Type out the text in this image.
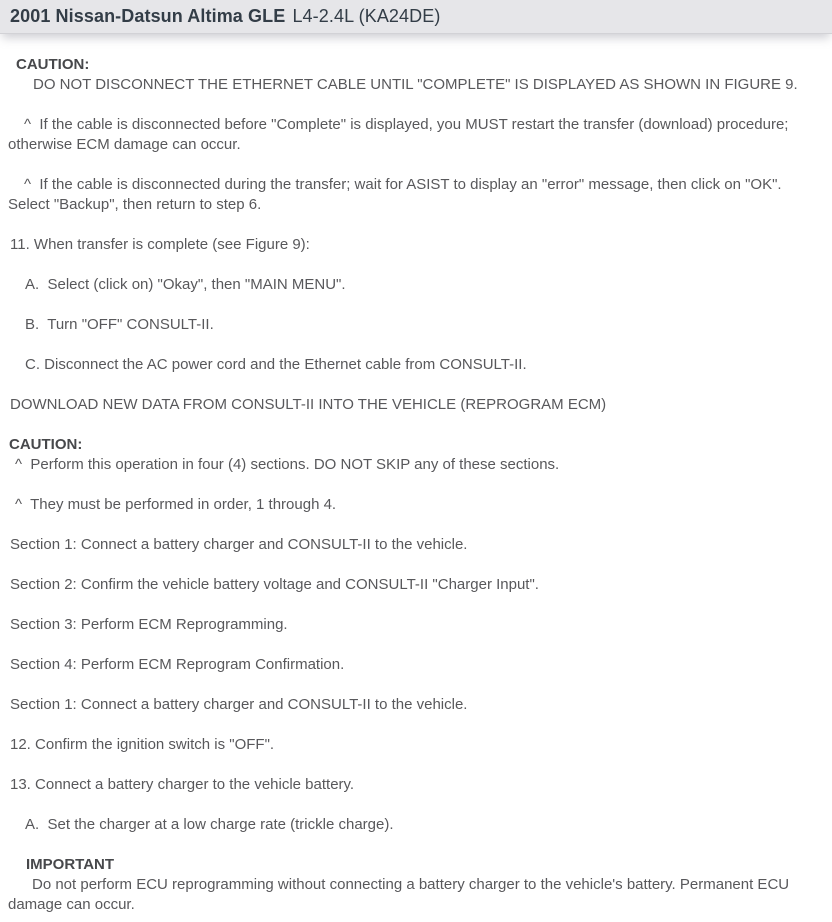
2001 Nissan-Datsun Altima GLE L4-2.4L (KA24DE)

CAUTION:

DO NOT DISCONNECT THE ETHERNET CABLE UNTIL "COMPLETE" IS DISPLAYED AS SHOWN IN FIGURE 9.

^  If the cable is disconnected before "Complete" is displayed, you MUST restart the transfer (download) procedure; otherwise ECM damage can occur.

^  If the cable is disconnected during the transfer; wait for ASIST to display an "error" message, then click on "OK". Select "Backup", then return to step 6.

11. When transfer is complete (see Figure 9):

A.  Select (click on) "Okay", then "MAIN MENU".

B.  Turn "OFF" CONSULT-II.

C. Disconnect the AC power cord and the Ethernet cable from CONSULT-II.

DOWNLOAD NEW DATA FROM CONSULT-II INTO THE VEHICLE (REPROGRAM ECM)

CAUTION:

^  Perform this operation in four (4) sections. DO NOT SKIP any of these sections.

^  They must be performed in order, 1 through 4.

Section 1: Connect a battery charger and CONSULT-II to the vehicle.

Section 2: Confirm the vehicle battery voltage and CONSULT-II "Charger Input".

Section 3: Perform ECM Reprogramming.

Section 4: Perform ECM Reprogram Confirmation.

Section 1: Connect a battery charger and CONSULT-II to the vehicle.

12. Confirm the ignition switch is "OFF".

13. Connect a battery charger to the vehicle battery.

A.  Set the charger at a low charge rate (trickle charge).

IMPORTANT

Do not perform ECU reprogramming without connecting a battery charger to the vehicle's battery. Permanent ECU damage can occur.
